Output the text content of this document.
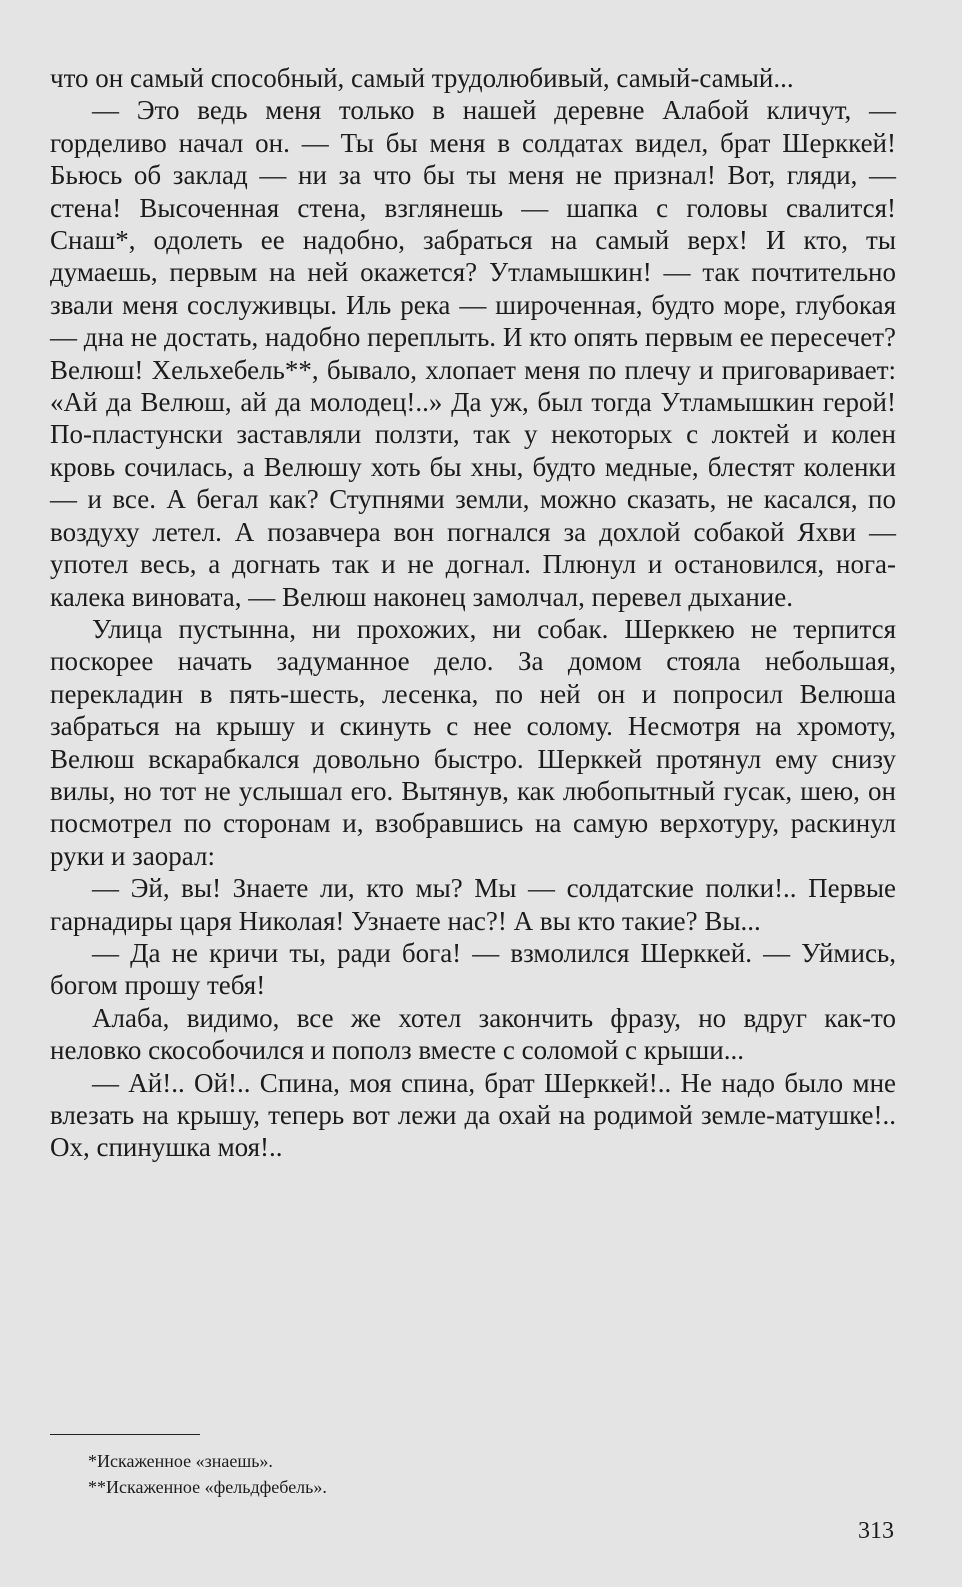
что он самый способный, самый трудолюбивый, самый-самый...

— Это ведь меня только в нашей деревне Алабой кличут, — горделиво начал он. — Ты бы меня в солдатах видел, брат Шерккей! Бьюсь об заклад — ни за что бы ты меня не признал! Вот, гляди, — стена! Высоченная стена, взглянешь — шапка с головы свалится! Снаш*, одолеть ее надобно, забраться на самый верх! И кто, ты думаешь, первым на ней окажется? Утламышкин! — так почтительно звали меня сослуживцы. Иль река — широченная, будто море, глубокая — дна не достать, надобно переплыть. И кто опять первым ее пересечет? Велюш! Хельхебель**, бывало, хлопает меня по плечу и приговаривает: «Ай да Велюш, ай да молодец!..» Да уж, был тогда Утламышкин герой! По-пластунски заставляли ползти, так у некоторых с локтей и колен кровь сочилась, а Велюшу хоть бы хны, будто медные, блестят коленки — и все. А бегал как? Ступнями земли, можно сказать, не касался, по воздуху летел. А позавчера вон погнался за дохлой собакой Яхви — употел весь, а догнать так и не догнал. Плюнул и остановился, нога-калека виновата, — Велюш наконец замолчал, перевел дыхание.

Улица пустынна, ни прохожих, ни собак. Шерккею не терпится поскорее начать задуманное дело. За домом стояла небольшая, перекладин в пять-шесть, лесенка, по ней он и попросил Велюша забраться на крышу и скинуть с нее солому. Несмотря на хромоту, Велюш вскарабкался довольно быстро. Шерккей протянул ему снизу вилы, но тот не услышал его. Вытянув, как любопытный гусак, шею, он посмотрел по сторонам и, взобравшись на самую верхотуру, раскинул руки и заорал:

— Эй, вы! Знаете ли, кто мы? Мы — солдатские полки!.. Первые гарнадиры царя Николая! Узнаете нас?! А вы кто такие? Вы...

— Да не кричи ты, ради бога! — взмолился Шерккей. — Уймись, богом прошу тебя!

Алаба, видимо, все же хотел закончить фразу, но вдруг как-то неловко скособочился и пополз вместе с соломой с крыши...

— Ай!.. Ой!.. Спина, моя спина, брат Шерккей!.. Не надо было мне влезать на крышу, теперь вот лежи да охай на родимой земле-матушке!.. Ох, спинушка моя!..

*Искаженное «знаешь».
**Искаженное «фельдфебель».
313
